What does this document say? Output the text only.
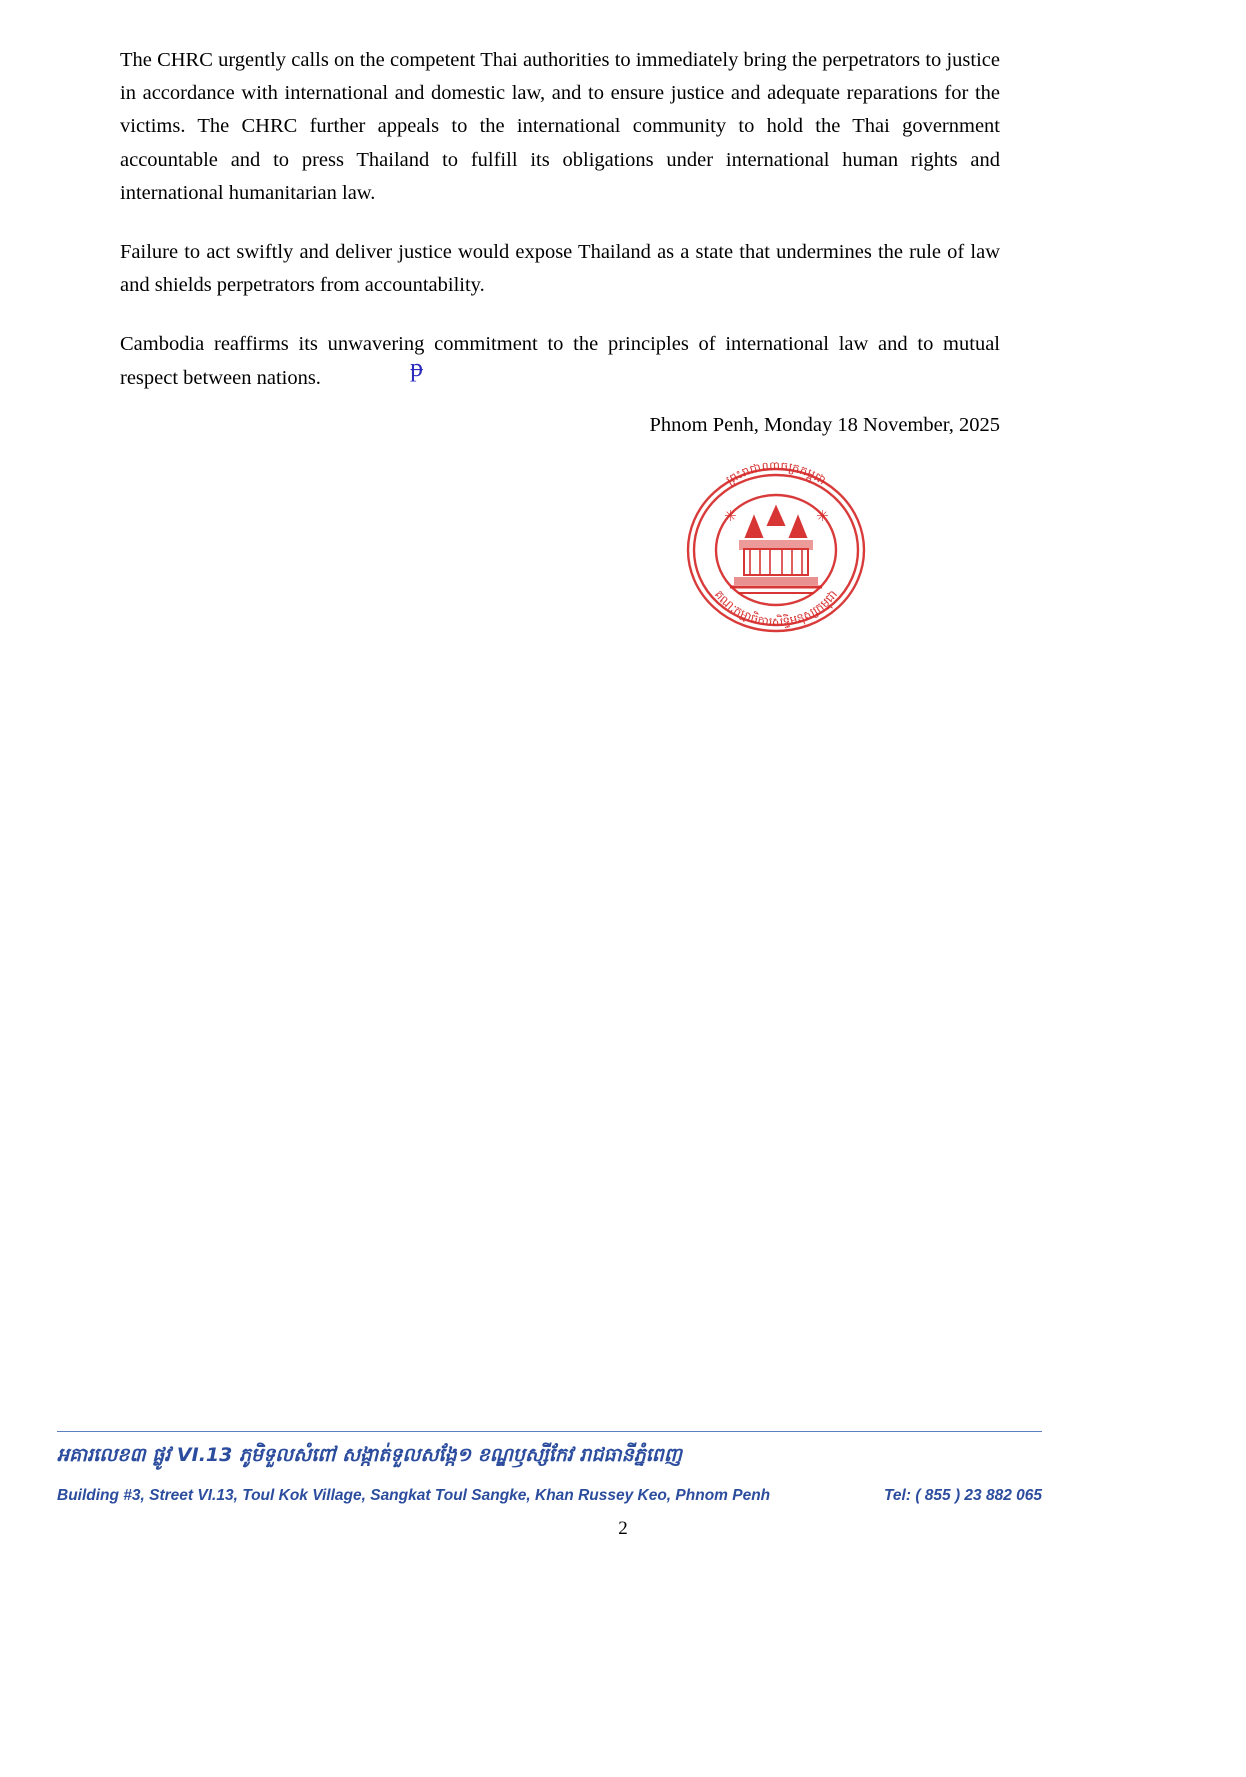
The CHRC urgently calls on the competent Thai authorities to immediately bring the perpetrators to justice in accordance with international and domestic law, and to ensure justice and adequate reparations for the victims. The CHRC further appeals to the international community to hold the Thai government accountable and to press Thailand to fulfill its obligations under international human rights and international humanitarian law.

Failure to act swiftly and deliver justice would expose Thailand as a state that undermines the rule of law and shields perpetrators from accountability.

Cambodia reaffirms its unwavering commitment to the principles of international law and to mutual respect between nations.	ᵽ
Phnom Penh, Monday 18 November, 2025
ព្រះរាជាណាចក្រកម្ពុជា
គណៈកម្មាធិការសិទ្ធិមនុស្សកម្ពុជា
✳	✳
អគារលេខ៣ ផ្លូវ VI.13 ភូមិទួលសំពៅ សង្កាត់ទួលសង្កែ១ ខណ្ឌឫស្សីកែវ រាជធានីភ្នំពេញ
Building #3, Street VI.13, Toul Kok Village, Sangkat Toul Sangke, Khan Russey Keo, Phnom Penh	Tel: ( 855 ) 23 882 065
2
